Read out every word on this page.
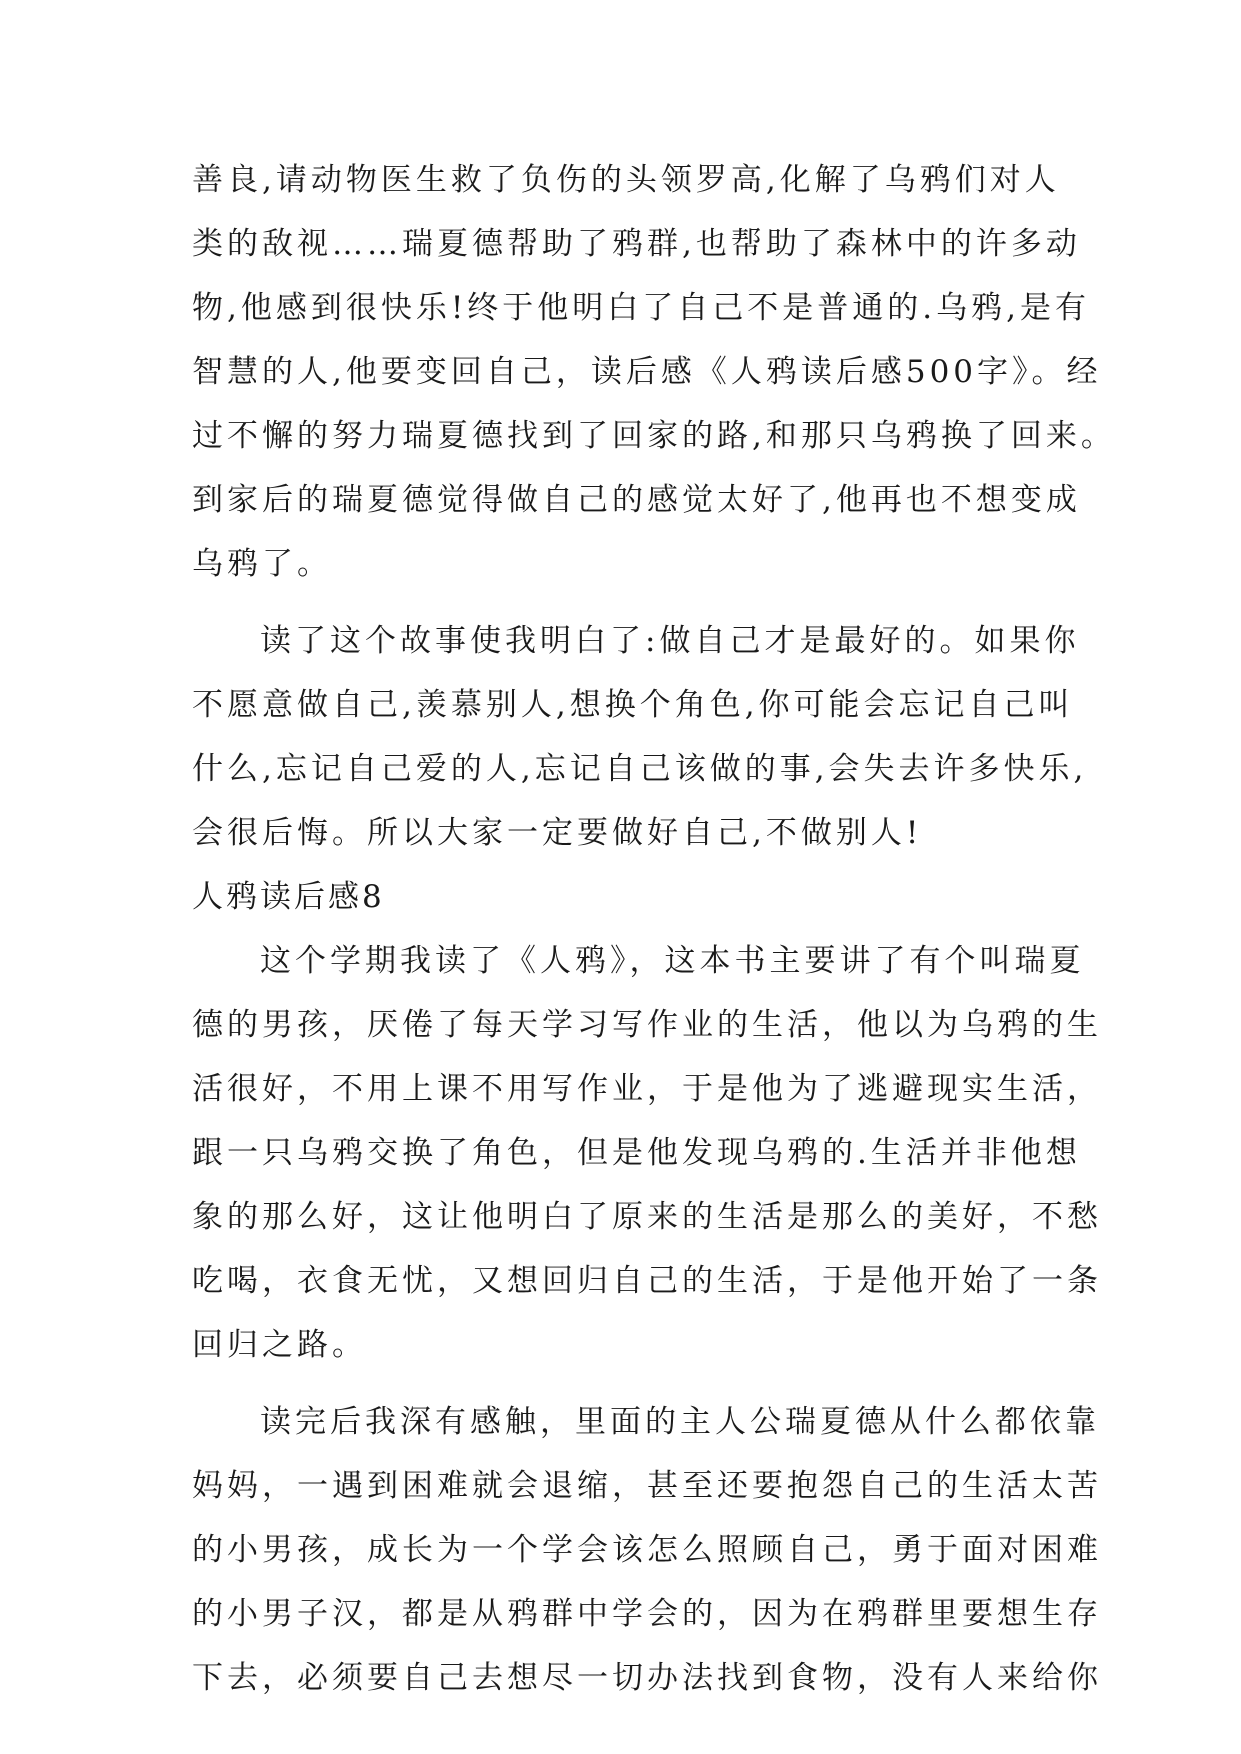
善良,请动物医生救了负伤的头领罗高,化解了乌鸦们对人
类的敌视……瑞夏德帮助了鸦群,也帮助了森林中的许多动
物,他感到很快乐!终于他明白了自己不是普通的.乌鸦,是有
智慧的人,他要变回自己，读后感《人鸦读后感500字》。经
过不懈的努力瑞夏德找到了回家的路,和那只乌鸦换了回来。
到家后的瑞夏德觉得做自己的感觉太好了,他再也不想变成
乌鸦了。
读了这个故事使我明白了:做自己才是最好的。如果你
不愿意做自己,羡慕别人,想换个角色,你可能会忘记自己叫
什么,忘记自己爱的人,忘记自己该做的事,会失去许多快乐,
会很后悔。所以大家一定要做好自己,不做别人!
人鸦读后感8
这个学期我读了《人鸦》，这本书主要讲了有个叫瑞夏
德的男孩，厌倦了每天学习写作业的生活，他以为乌鸦的生
活很好，不用上课不用写作业，于是他为了逃避现实生活，
跟一只乌鸦交换了角色，但是他发现乌鸦的.生活并非他想
象的那么好，这让他明白了原来的生活是那么的美好，不愁
吃喝，衣食无忧，又想回归自己的生活，于是他开始了一条
回归之路。
读完后我深有感触，里面的主人公瑞夏德从什么都依靠
妈妈，一遇到困难就会退缩，甚至还要抱怨自己的生活太苦
的小男孩，成长为一个学会该怎么照顾自己，勇于面对困难
的小男子汉，都是从鸦群中学会的，因为在鸦群里要想生存
下去，必须要自己去想尽一切办法找到食物，没有人来给你
